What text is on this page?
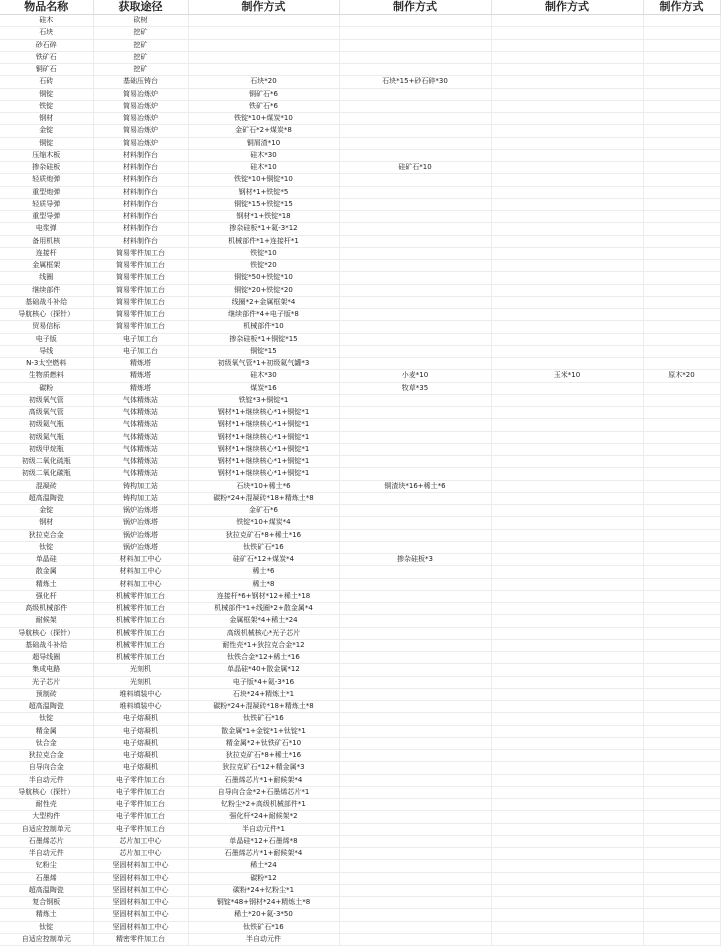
物品名称	获取途径	制作方式	制作方式	制作方式	制作方式
硅木	砍树				
石块	挖矿				
砂石碎	挖矿				
铁矿石	挖矿				
铜矿石	挖矿				
石砖	基础压铸台	石块*20	石块*15+砂石碎*30		
铜锭	简易冶炼炉	铜矿石*6			
铁锭	简易冶炼炉	铁矿石*6			
钢材	简易冶炼炉	铁锭*10+煤炭*10			
金锭	简易冶炼炉	金矿石*2+煤炭*8			
铜锭	简易冶炼炉	铜屑渣*10			
压缩木板	材料制作台	硅木*30			
掺杂硅板	材料制作台	硅木*10	硅矿石*10		
轻质炮弹	材料制作台	铁锭*10+铜锭*10			
重型炮弹	材料制作台	钢材*1+铁锭*5			
轻质导弹	材料制作台	铜锭*15+铁锭*15			
重型导弹	材料制作台	钢材*1+铁锭*18			
电浆弹	材料制作台	掺杂硅板*1+氦-3*12			
备用机核	材料制作台	机械部件*1+连接杆*1			
连接杆	简易零件加工台	铁锭*10			
金属框架	简易零件加工台	铁锭*20			
线圈	简易零件加工台	铜锭*50+铁锭*10			
继续部件	简易零件加工台	铜锭*20+铁锭*20			
基础战斗补给	简易零件加工台	线圈*2+金属框架*4			
导航核心（探针）	简易零件加工台	继续部件*4+电子版*8			
贸易信标	简易零件加工台	机械部件*10			
电子版	电子加工台	掺杂硅板*1+铜锭*15			
导线	电子加工台	铜锭*15			
N-3太空燃料	精炼塔	初级氧气管*1+初级氦气罐*3			
生物质燃料	精炼塔	硅木*30	小麦*10	玉米*10	原木*20
碳粉	精炼塔	煤炭*16	牧草*35		
初级氧气管	气体精炼站	铁锭*3+铜锭*1			
高级氧气管	气体精炼站	钢材*1+继续核心*1+铜锭*1			
初级氦气瓶	气体精炼站	钢材*1+继续核心*1+铜锭*1			
初级氮气瓶	气体精炼站	钢材*1+继续核心*1+铜锭*1			
初级甲烷瓶	气体精炼站	钢材*1+继续核心*1+铜锭*1			
初级二氧化硫瓶	气体精炼站	钢材*1+继续核心*1+铜锭*1			
初级二氧化碳瓶	气体精炼站	钢材*1+继续核心*1+铜锭*1			
混凝砖	铸构加工站	石块*10+稀土*6	铜渣块*16+稀土*6		
超高温陶瓷	铸构加工站	碳粉*24+混凝砖*18+精炼土*8			
金锭	锅炉冶炼塔	金矿石*6			
钢材	锅炉冶炼塔	铁锭*10+煤炭*4			
狄拉克合金	锅炉冶炼塔	狄拉克矿石*8+稀土*16			
钛锭	锅炉冶炼塔	钛铁矿石*16			
单晶硅	材料加工中心	硅矿石*12+煤炭*4	掺杂硅板*3		
散金属	材料加工中心	稀土*6			
精炼土	材料加工中心	稀土*8			
强化杆	机械零件加工台	连接杆*6+钢材*12+稀土*18			
高级机械部件	机械零件加工台	机械部件*1+线圈*2+散金属*4			
耐候架	机械零件加工台	金属框架*4+稀土*24			
导航核心（探针）	机械零件加工台	高级机械核心*光子芯片			
基础战斗补给	机械零件加工台	耐性壳*1+狄拉克合金*12			
超导线圈	机械零件加工台	钛铁合金*12+稀土*16			
集成电路	光刻机	单晶硅*40+散金属*12			
光子芯片	光刻机	电子版*4+氦-3*16			
预制砖	堆料填装中心	石块*24+精炼土*1			
超高温陶瓷	堆料填装中心	碳粉*24+混凝砖*18+精炼土*8			
钛锭	电子熔凝机	钛铁矿石*16			
精金属	电子熔凝机	散金属*1+金锭*1+钛锭*1			
钛合金	电子熔凝机	精金属*2+钛铁矿石*10			
狄拉克合金	电子熔凝机	狄拉克矿石*8+稀土*16			
自导向合金	电子熔凝机	狄拉克矿石*12+精金属*3			
半自动元件	电子零件加工台	石墨烯芯片*1+耐候架*4			
导航核心（探针）	电子零件加工台	自导向合金*2+石墨烯芯片*1			
耐性壳	电子零件加工台	钇粉尘*2+高级机械部件*1			
大型构件	电子零件加工台	强化杆*24+耐候架*2			
自适应控制单元	电子零件加工台	半自动元件*1			
石墨烯芯片	芯片加工中心	单晶硅*12+石墨烯*8			
半自动元件	芯片加工中心	石墨烯芯片*1+耐候架*4			
钇粉尘	坚固材料加工中心	稀土*24			
石墨烯	坚固材料加工中心	碳粉*12			
超高温陶瓷	坚固材料加工中心	碳粉*24+钇粉尘*1			
复合钢板	坚固材料加工中心	铜锭*48+钢材*24+精炼土*8			
精炼土	坚固材料加工中心	稀土*20+氦-3*50			
钛锭	坚固材料加工中心	钛铁矿石*16			
自适应控制单元	精密零件加工台	半自动元件			
